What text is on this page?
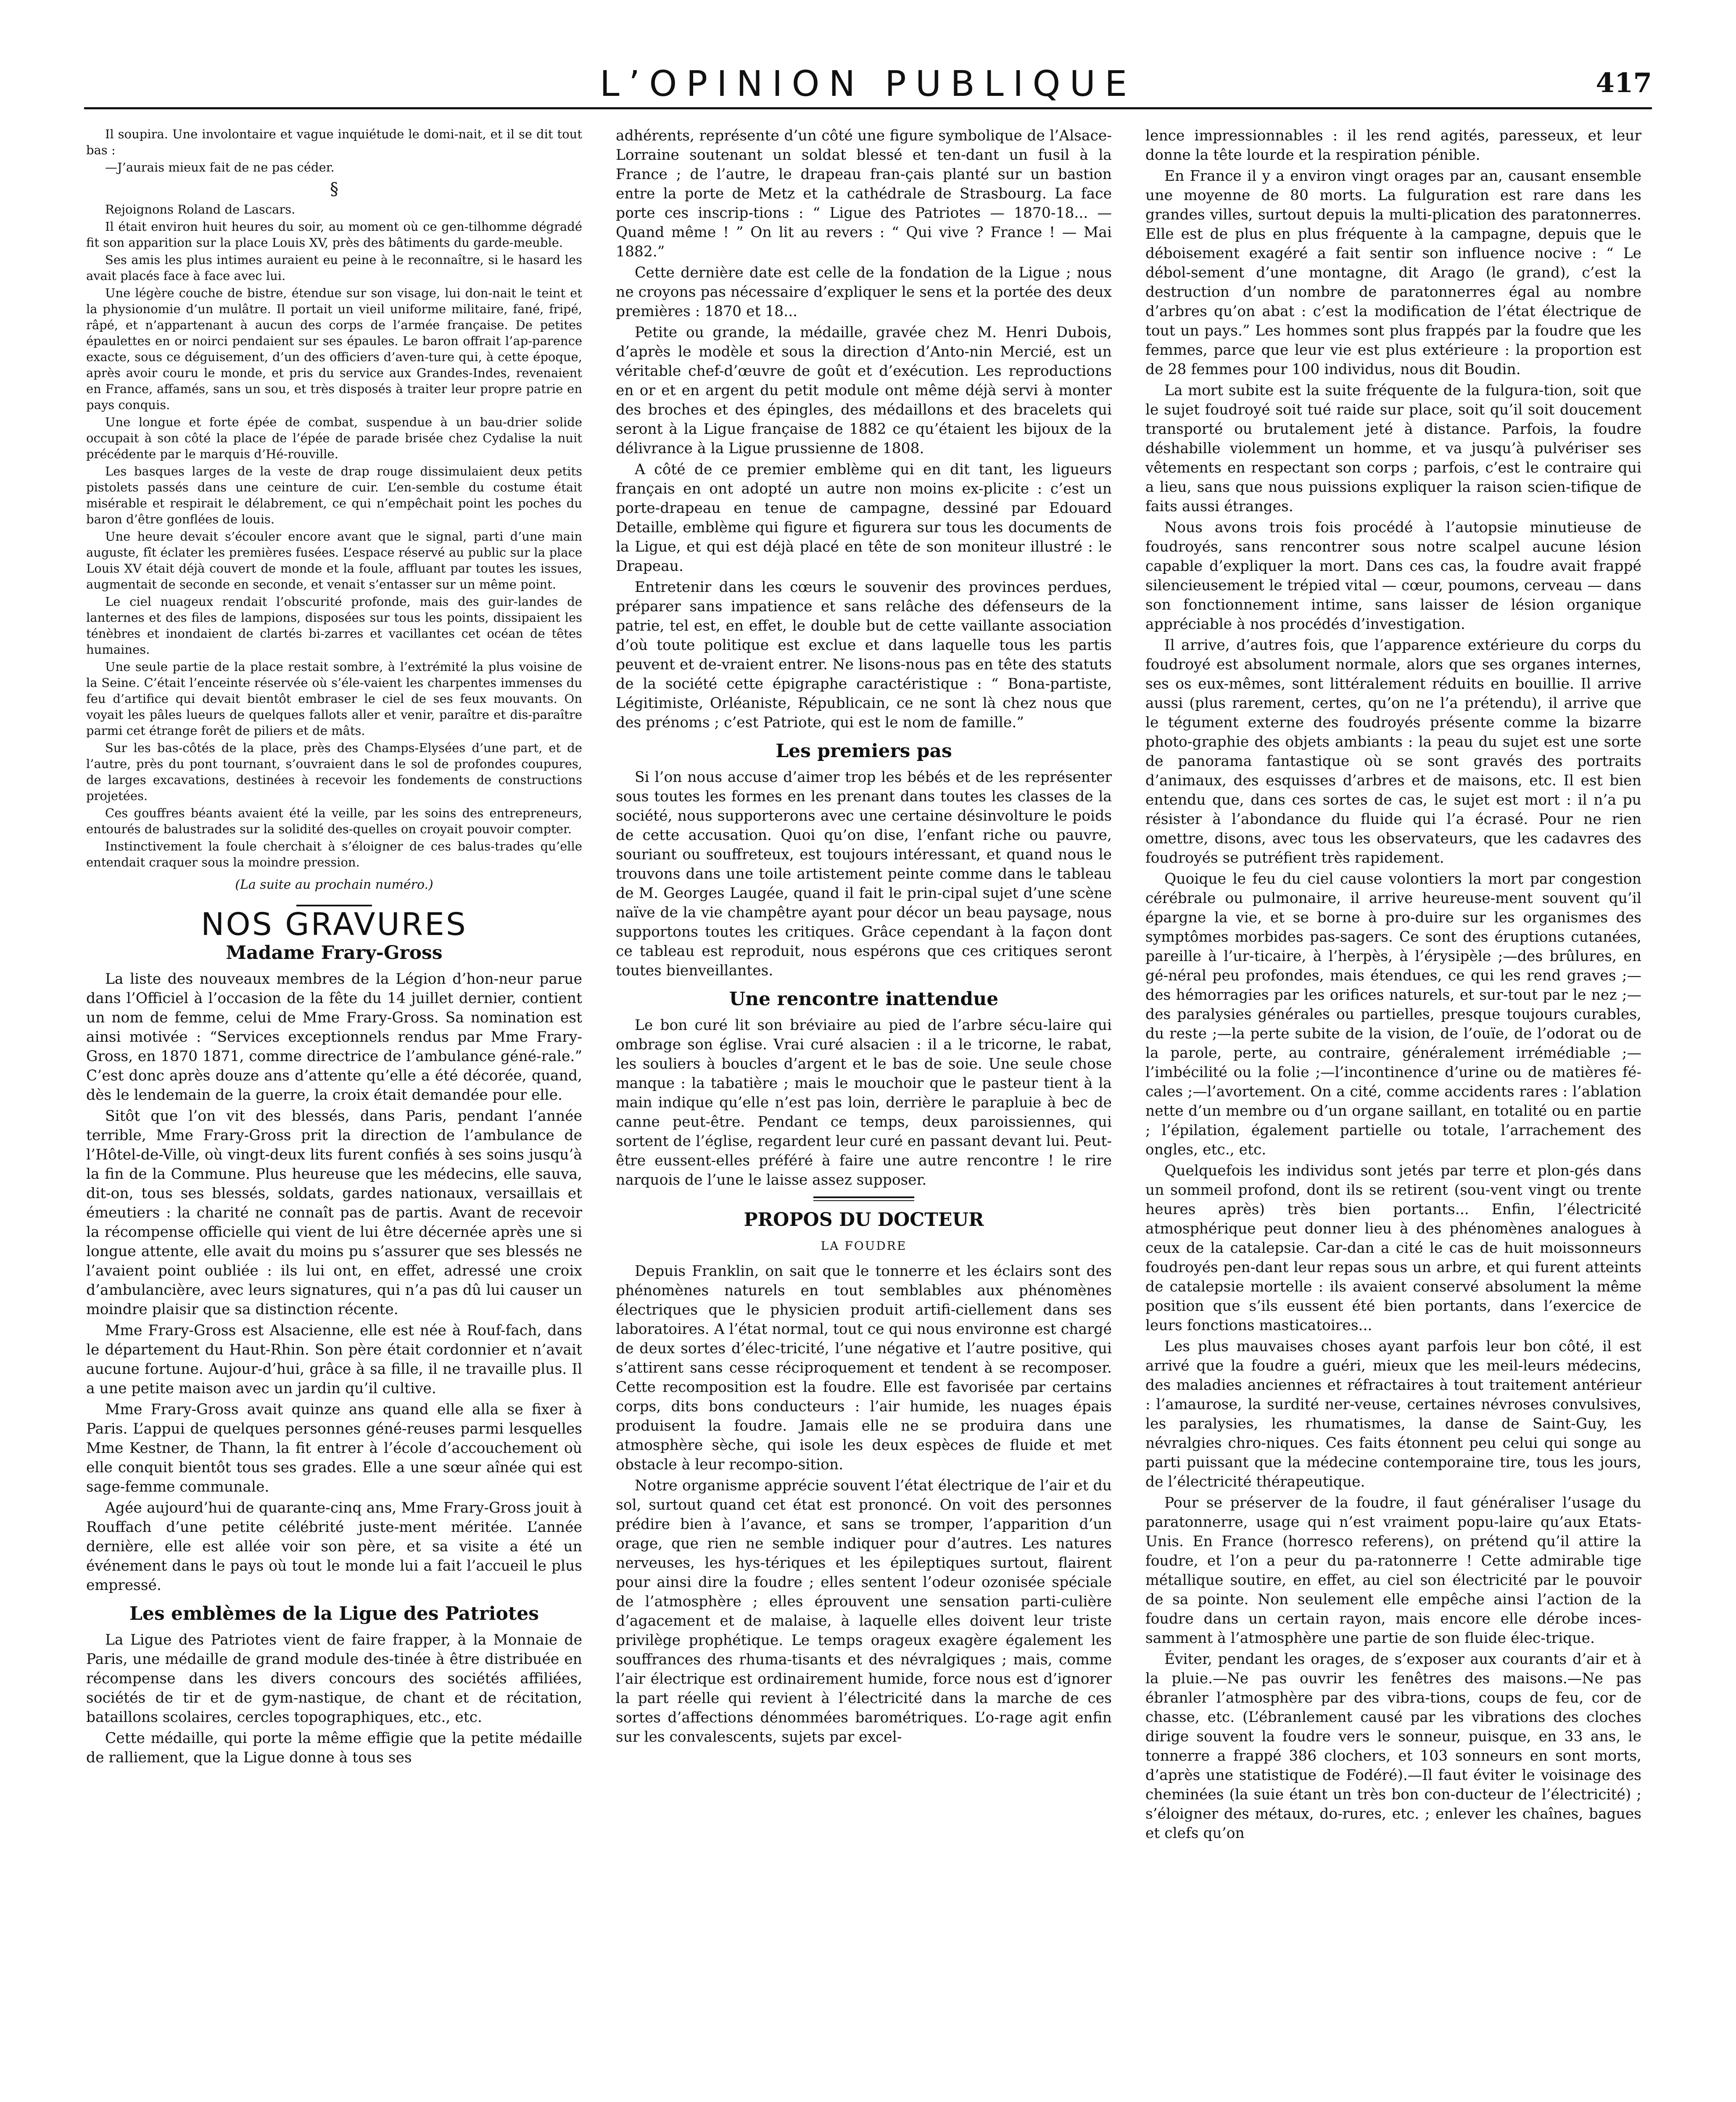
L’OPINION PUBLIQUE	417

Il soupira. Une involontaire et vague inquiétude le domi-nait, et il se dit tout bas :

—J’aurais mieux fait de ne pas céder.

§

Rejoignons Roland de Lascars.

Il était environ huit heures du soir, au moment où ce gen-tilhomme dégradé fit son apparition sur la place Louis XV, près des bâtiments du garde-meuble.

Ses amis les plus intimes auraient eu peine à le reconnaître, si le hasard les avait placés face à face avec lui.

Une légère couche de bistre, étendue sur son visage, lui don-nait le teint et la physionomie d’un mulâtre. Il portait un vieil uniforme militaire, fané, fripé, râpé, et n’appartenant à aucun des corps de l’armée française. De petites épaulettes en or noirci pendaient sur ses épaules. Le baron offrait l’ap-parence exacte, sous ce déguisement, d’un des officiers d’aven-ture qui, à cette époque, après avoir couru le monde, et pris du service aux Grandes-Indes, revenaient en France, affamés, sans un sou, et très disposés à traiter leur propre patrie en pays conquis.

Une longue et forte épée de combat, suspendue à un bau-drier solide occupait à son côté la place de l’épée de parade brisée chez Cydalise la nuit précédente par le marquis d’Hé-rouville.

Les basques larges de la veste de drap rouge dissimulaient deux petits pistolets passés dans une ceinture de cuir. L’en-semble du costume était misérable et respirait le délabrement, ce qui n’empêchait point les poches du baron d’être gonflées de louis.

Une heure devait s’écouler encore avant que le signal, parti d’une main auguste, fît éclater les premières fusées. L’espace réservé au public sur la place Louis XV était déjà couvert de monde et la foule, affluant par toutes les issues, augmentait de seconde en seconde, et venait s’entasser sur un même point.

Le ciel nuageux rendait l’obscurité profonde, mais des guir-landes de lanternes et des files de lampions, disposées sur tous les points, dissipaient les ténèbres et inondaient de clartés bi-zarres et vacillantes cet océan de têtes humaines.

Une seule partie de la place restait sombre, à l’extrémité la plus voisine de la Seine. C’était l’enceinte réservée où s’éle-vaient les charpentes immenses du feu d’artifice qui devait bientôt embraser le ciel de ses feux mouvants. On voyait les pâles lueurs de quelques fallots aller et venir, paraître et dis-paraître parmi cet étrange forêt de piliers et de mâts.

Sur les bas-côtés de la place, près des Champs-Elysées d’une part, et de l’autre, près du pont tournant, s’ouvraient dans le sol de profondes coupures, de larges excavations, destinées à recevoir les fondements de constructions projetées.

Ces gouffres béants avaient été la veille, par les soins des entrepreneurs, entourés de balustrades sur la solidité des-quelles on croyait pouvoir compter.

Instinctivement la foule cherchait à s’éloigner de ces balus-trades qu’elle entendait craquer sous la moindre pression.

(La suite au prochain numéro.)
NOS GRAVURES
Madame Frary-Gross

La liste des nouveaux membres de la Légion d’hon-neur parue dans l’Officiel à l’occasion de la fête du 14 juillet dernier, contient un nom de femme, celui de Mme Frary-Gross. Sa nomination est ainsi motivée : “Services exceptionnels rendus par Mme Frary-Gross, en 1870 1871, comme directrice de l’ambulance géné-rale.” C’est donc après douze ans d’attente qu’elle a été décorée, quand, dès le lendemain de la guerre, la croix était demandée pour elle.

Sitôt que l’on vit des blessés, dans Paris, pendant l’année terrible, Mme Frary-Gross prit la direction de l’ambulance de l’Hôtel-de-Ville, où vingt-deux lits furent confiés à ses soins jusqu’à la fin de la Commune. Plus heureuse que les médecins, elle sauva, dit-on, tous ses blessés, soldats, gardes nationaux, versaillais et émeutiers : la charité ne connaît pas de partis. Avant de recevoir la récompense officielle qui vient de lui être décernée après une si longue attente, elle avait du moins pu s’assurer que ses blessés ne l’avaient point oubliée : ils lui ont, en effet, adressé une croix d’ambulancière, avec leurs signatures, qui n’a pas dû lui causer un moindre plaisir que sa distinction récente.

Mme Frary-Gross est Alsacienne, elle est née à Rouf-fach, dans le département du Haut-Rhin. Son père était cordonnier et n’avait aucune fortune. Aujour-d’hui, grâce à sa fille, il ne travaille plus. Il a une petite maison avec un jardin qu’il cultive.

Mme Frary-Gross avait quinze ans quand elle alla se fixer à Paris. L’appui de quelques personnes géné-reuses parmi lesquelles Mme Kestner, de Thann, la fit entrer à l’école d’accouchement où elle conquit bientôt tous ses grades. Elle a une sœur aînée qui est sage-femme communale.

Agée aujourd’hui de quarante-cinq ans, Mme Frary-Gross jouit à Rouffach d’une petite célébrité juste-ment méritée. L’année dernière, elle est allée voir son père, et sa visite a été un événement dans le pays où tout le monde lui a fait l’accueil le plus empressé.

Les emblèmes de la Ligue des Patriotes

La Ligue des Patriotes vient de faire frapper, à la Monnaie de Paris, une médaille de grand module des-tinée à être distribuée en récompense dans les divers concours des sociétés affiliées, sociétés de tir et de gym-nastique, de chant et de récitation, bataillons scolaires, cercles topographiques, etc., etc.

Cette médaille, qui porte la même effigie que la petite médaille de ralliement, que la Ligue donne à tous ses

adhérents, représente d’un côté une figure symbolique de l’Alsace-Lorraine soutenant un soldat blessé et ten-dant un fusil à la France ; de l’autre, le drapeau fran-çais planté sur un bastion entre la porte de Metz et la cathédrale de Strasbourg. La face porte ces inscrip-tions : “ Ligue des Patriotes — 1870-18... — Quand même ! ” On lit au revers : “ Qui vive ? France ! — Mai 1882.”

Cette dernière date est celle de la fondation de la Ligue ; nous ne croyons pas nécessaire d’expliquer le sens et la portée des deux premières : 1870 et 18...

Petite ou grande, la médaille, gravée chez M. Henri Dubois, d’après le modèle et sous la direction d’Anto-nin Mercié, est un véritable chef-d’œuvre de goût et d’exécution. Les reproductions en or et en argent du petit module ont même déjà servi à monter des broches et des épingles, des médaillons et des bracelets qui seront à la Ligue française de 1882 ce qu’étaient les bijoux de la délivrance à la Ligue prussienne de 1808.

A côté de ce premier emblème qui en dit tant, les ligueurs français en ont adopté un autre non moins ex-plicite : c’est un porte-drapeau en tenue de campagne, dessiné par Edouard Detaille, emblème qui figure et figurera sur tous les documents de la Ligue, et qui est déjà placé en tête de son moniteur illustré : le Drapeau.

Entretenir dans les cœurs le souvenir des provinces perdues, préparer sans impatience et sans relâche des défenseurs de la patrie, tel est, en effet, le double but de cette vaillante association d’où toute politique est exclue et dans laquelle tous les partis peuvent et de-vraient entrer. Ne lisons-nous pas en tête des statuts de la société cette épigraphe caractéristique : “ Bona-partiste, Légitimiste, Orléaniste, Républicain, ce ne sont là chez nous que des prénoms ; c’est Patriote, qui est le nom de famille.”

Les premiers pas

Si l’on nous accuse d’aimer trop les bébés et de les représenter sous toutes les formes en les prenant dans toutes les classes de la société, nous supporterons avec une certaine désinvolture le poids de cette accusation. Quoi qu’on dise, l’enfant riche ou pauvre, souriant ou souffreteux, est toujours intéressant, et quand nous le trouvons dans une toile artistement peinte comme dans le tableau de M. Georges Laugée, quand il fait le prin-cipal sujet d’une scène naïve de la vie champêtre ayant pour décor un beau paysage, nous supportons toutes les critiques. Grâce cependant à la façon dont ce tableau est reproduit, nous espérons que ces critiques seront toutes bienveillantes.

Une rencontre inattendue

Le bon curé lit son bréviaire au pied de l’arbre sécu-laire qui ombrage son église. Vrai curé alsacien : il a le tricorne, le rabat, les souliers à boucles d’argent et le bas de soie. Une seule chose manque : la tabatière ; mais le mouchoir que le pasteur tient à la main indique qu’elle n’est pas loin, derrière le parapluie à bec de canne peut-être. Pendant ce temps, deux paroissiennes, qui sortent de l’église, regardent leur curé en passant devant lui. Peut-être eussent-elles préféré à faire une autre rencontre ! le rire narquois de l’une le laisse assez supposer.

PROPOS DU DOCTEUR
LA FOUDRE

Depuis Franklin, on sait que le tonnerre et les éclairs sont des phénomènes naturels en tout semblables aux phénomènes électriques que le physicien produit artifi-ciellement dans ses laboratoires. A l’état normal, tout ce qui nous environne est chargé de deux sortes d’élec-tricité, l’une négative et l’autre positive, qui s’attirent sans cesse réciproquement et tendent à se recomposer. Cette recomposition est la foudre. Elle est favorisée par certains corps, dits bons conducteurs : l’air humide, les nuages épais produisent la foudre. Jamais elle ne se produira dans une atmosphère sèche, qui isole les deux espèces de fluide et met obstacle à leur recompo-sition.

Notre organisme apprécie souvent l’état électrique de l’air et du sol, surtout quand cet état est prononcé. On voit des personnes prédire bien à l’avance, et sans se tromper, l’apparition d’un orage, que rien ne semble indiquer pour d’autres. Les natures nerveuses, les hys-tériques et les épileptiques surtout, flairent pour ainsi dire la foudre ; elles sentent l’odeur ozonisée spéciale de l’atmosphère ; elles éprouvent une sensation parti-culière d’agacement et de malaise, à laquelle elles doivent leur triste privilège prophétique. Le temps orageux exagère également les souffrances des rhuma-tisants et des névralgiques ; mais, comme l’air électrique est ordinairement humide, force nous est d’ignorer la part réelle qui revient à l’électricité dans la marche de ces sortes d’affections dénommées barométriques. L’o-rage agit enfin sur les convalescents, sujets par excel-

lence impressionnables : il les rend agités, paresseux, et leur donne la tête lourde et la respiration pénible.

En France il y a environ vingt orages par an, causant ensemble une moyenne de 80 morts. La fulguration est rare dans les grandes villes, surtout depuis la multi-plication des paratonnerres. Elle est de plus en plus fréquente à la campagne, depuis que le déboisement exagéré a fait sentir son influence nocive : “ Le débol-sement d’une montagne, dit Arago (le grand), c’est la destruction d’un nombre de paratonnerres égal au nombre d’arbres qu’on abat : c’est la modification de l’état électrique de tout un pays.” Les hommes sont plus frappés par la foudre que les femmes, parce que leur vie est plus extérieure : la proportion est de 28 femmes pour 100 individus, nous dit Boudin.

La mort subite est la suite fréquente de la fulgura-tion, soit que le sujet foudroyé soit tué raide sur place, soit qu’il soit doucement transporté ou brutalement jeté à distance. Parfois, la foudre déshabille violemment un homme, et va jusqu’à pulvériser ses vêtements en respectant son corps ; parfois, c’est le contraire qui a lieu, sans que nous puissions expliquer la raison scien-tifique de faits aussi étranges.

Nous avons trois fois procédé à l’autopsie minutieuse de foudroyés, sans rencontrer sous notre scalpel aucune lésion capable d’expliquer la mort. Dans ces cas, la foudre avait frappé silencieusement le trépied vital — cœur, poumons, cerveau — dans son fonctionnement intime, sans laisser de lésion organique appréciable à nos procédés d’investigation.

Il arrive, d’autres fois, que l’apparence extérieure du corps du foudroyé est absolument normale, alors que ses organes internes, ses os eux-mêmes, sont littéralement réduits en bouillie. Il arrive aussi (plus rarement, certes, qu’on ne l’a prétendu), il arrive que le tégument externe des foudroyés présente comme la bizarre photo-graphie des objets ambiants : la peau du sujet est une sorte de panorama fantastique où se sont gravés des portraits d’animaux, des esquisses d’arbres et de maisons, etc. Il est bien entendu que, dans ces sortes de cas, le sujet est mort : il n’a pu résister à l’abondance du fluide qui l’a écrasé. Pour ne rien omettre, disons, avec tous les observateurs, que les cadavres des foudroyés se putréfient très rapidement.

Quoique le feu du ciel cause volontiers la mort par congestion cérébrale ou pulmonaire, il arrive heureuse-ment souvent qu’il épargne la vie, et se borne à pro-duire sur les organismes des symptômes morbides pas-sagers. Ce sont des éruptions cutanées, pareille à l’ur-ticaire, à l’herpès, à l’érysipèle ;—des brûlures, en gé-néral peu profondes, mais étendues, ce qui les rend graves ;—des hémorragies par les orifices naturels, et sur-tout par le nez ;—des paralysies générales ou partielles, presque toujours curables, du reste ;—la perte subite de la vision, de l’ouïe, de l’odorat ou de la parole, perte, au contraire, généralement irrémédiable ;—l’imbécilité ou la folie ;—l’incontinence d’urine ou de matières fé-cales ;—l’avortement. On a cité, comme accidents rares : l’ablation nette d’un membre ou d’un organe saillant, en totalité ou en partie ; l’épilation, également partielle ou totale, l’arrachement des ongles, etc., etc.

Quelquefois les individus sont jetés par terre et plon-gés dans un sommeil profond, dont ils se retirent (sou-vent vingt ou trente heures après) très bien portants... Enfin, l’électricité atmosphérique peut donner lieu à des phénomènes analogues à ceux de la catalepsie. Car-dan a cité le cas de huit moissonneurs foudroyés pen-dant leur repas sous un arbre, et qui furent atteints de catalepsie mortelle : ils avaient conservé absolument la même position que s’ils eussent été bien portants, dans l’exercice de leurs fonctions masticatoires...

Les plus mauvaises choses ayant parfois leur bon côté, il est arrivé que la foudre a guéri, mieux que les meil-leurs médecins, des maladies anciennes et réfractaires à tout traitement antérieur : l’amaurose, la surdité ner-veuse, certaines névroses convulsives, les paralysies, les rhumatismes, la danse de Saint-Guy, les névralgies chro-niques. Ces faits étonnent peu celui qui songe au parti puissant que la médecine contemporaine tire, tous les jours, de l’électricité thérapeutique.

Pour se préserver de la foudre, il faut généraliser l’usage du paratonnerre, usage qui n’est vraiment popu-laire qu’aux Etats-Unis. En France (horresco referens), on prétend qu’il attire la foudre, et l’on a peur du pa-ratonnerre ! Cette admirable tige métallique soutire, en effet, au ciel son électricité par le pouvoir de sa pointe. Non seulement elle empêche ainsi l’action de la foudre dans un certain rayon, mais encore elle dérobe inces-samment à l’atmosphère une partie de son fluide élec-trique.

Éviter, pendant les orages, de s’exposer aux courants d’air et à la pluie.—Ne pas ouvrir les fenêtres des maisons.—Ne pas ébranler l’atmosphère par des vibra-tions, coups de feu, cor de chasse, etc. (L’ébranlement causé par les vibrations des cloches dirige souvent la foudre vers le sonneur, puisque, en 33 ans, le tonnerre a frappé 386 clochers, et 103 sonneurs en sont morts, d’après une statistique de Fodéré).—Il faut éviter le voisinage des cheminées (la suie étant un très bon con-ducteur de l’électricité) ; s’éloigner des métaux, do-rures, etc. ; enlever les chaînes, bagues et clefs qu’on
